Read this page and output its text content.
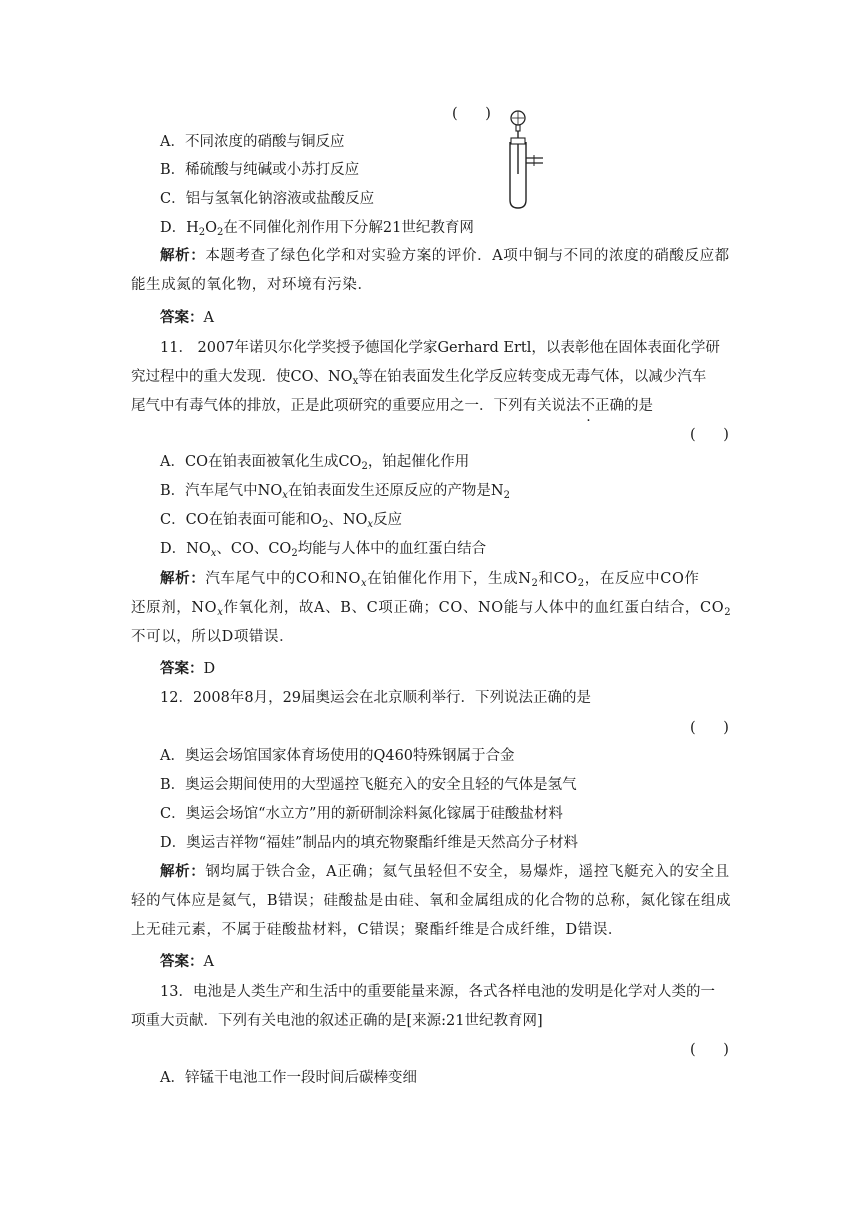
(      )
A．不同浓度的硝酸与铜反应
B．稀硫酸与纯碱或小苏打反应
C．铝与氢氧化钠溶液或盐酸反应
D．$H_2O_2$在不同催化剂作用下分解21世纪教育网
解析：本题考查了绿色化学和对实验方案的评价．A项中铜与不同的浓度的硝酸反应都
能生成氮的氧化物，对环境有污染．
答案：A
11． 2007年诺贝尔化学奖授予德国化学家Gerhard Ertl，以表彰他在固体表面化学研
究过程中的重大发现．使CO、$NO_x$等在铂表面发生化学反应转变成无毒气体，以减少汽车
尾气中有毒气体的排放，正是此项研究的重要应用之一．下列有关说法不正确的是
(      )
A．CO在铂表面被氧化生成$CO_2$，铂起催化作用
B．汽车尾气中$NO_x$在铂表面发生还原反应的产物是$N_2$
C．CO在铂表面可能和$O_2$、$NO_x$反应
D．$NO_x$、CO、$CO_2$均能与人体中的血红蛋白结合
解析：汽车尾气中的CO和$NO_x$在铂催化作用下，生成$N_2$和$CO_2$，在反应中CO作
还原剂，$NO_x$作氧化剂，故A、B、C项正确；CO、NO能与人体中的血红蛋白结合，$CO_2$
不可以，所以D项错误．
答案：D
12．2008年8月，29届奥运会在北京顺利举行．下列说法正确的是
(      )
A．奥运会场馆国家体育场使用的Q460特殊钢属于合金
B．奥运会期间使用的大型遥控飞艇充入的安全且轻的气体是氢气
C．奥运会场馆“水立方”用的新研制涂料氮化镓属于硅酸盐材料
D．奥运吉祥物“福娃”制品内的填充物聚酯纤维是天然高分子材料
解析：钢均属于铁合金，A正确；氦气虽轻但不安全，易爆炸，遥控飞艇充入的安全且
轻的气体应是氦气，B错误；硅酸盐是由硅、氧和金属组成的化合物的总称，氮化镓在组成
上无硅元素，不属于硅酸盐材料，C错误；聚酯纤维是合成纤维，D错误．
答案：A
13．电池是人类生产和生活中的重要能量来源，各式各样电池的发明是化学对人类的一
项重大贡献．下列有关电池的叙述正确的是[来源:21世纪教育网]
(      )
A．锌锰干电池工作一段时间后碳棒变细
